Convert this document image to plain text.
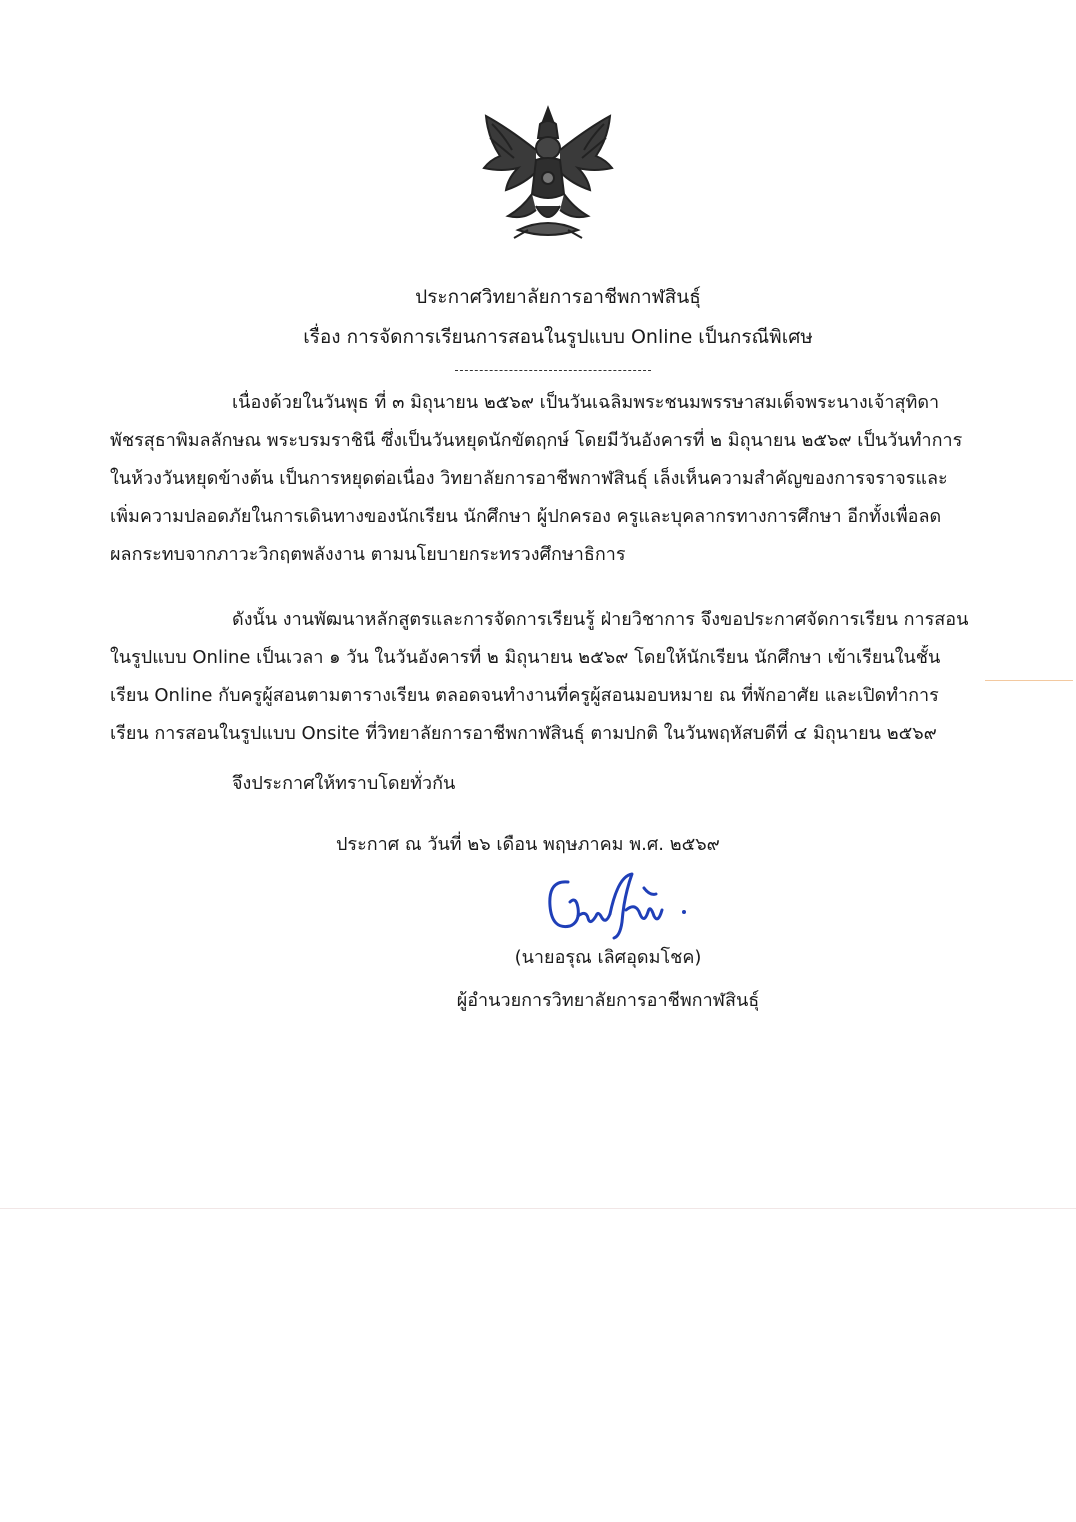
ประกาศวิทยาลัยการอาชีพกาฬสินธุ์
เรื่อง การจัดการเรียนการสอนในรูปแบบ Online เป็นกรณีพิเศษ
เนื่องด้วยในวันพุธ ที่ ๓ มิถุนายน ๒๕๖๙ เป็นวันเฉลิมพระชนมพรรษาสมเด็จพระนางเจ้าสุทิดา
พัชรสุธาพิมลลักษณ พระบรมราชินี ซึ่งเป็นวันหยุดนักขัตฤกษ์ โดยมีวันอังคารที่ ๒ มิถุนายน ๒๕๖๙ เป็นวันทำการ
ในห้วงวันหยุดข้างต้น เป็นการหยุดต่อเนื่อง วิทยาลัยการอาชีพกาฬสินธุ์ เล็งเห็นความสำคัญของการจราจรและ
เพิ่มความปลอดภัยในการเดินทางของนักเรียน นักศึกษา ผู้ปกครอง ครูและบุคลากรทางการศึกษา อีกทั้งเพื่อลด
ผลกระทบจากภาวะวิกฤตพลังงาน ตามนโยบายกระทรวงศึกษาธิการ
ดังนั้น งานพัฒนาหลักสูตรและการจัดการเรียนรู้ ฝ่ายวิชาการ จึงขอประกาศจัดการเรียน การสอน
ในรูปแบบ Online เป็นเวลา ๑ วัน ในวันอังคารที่ ๒ มิถุนายน ๒๕๖๙ โดยให้นักเรียน นักศึกษา เข้าเรียนในชั้น
เรียน Online กับครูผู้สอนตามตารางเรียน ตลอดจนทำงานที่ครูผู้สอนมอบหมาย ณ ที่พักอาศัย และเปิดทำการ
เรียน การสอนในรูปแบบ Onsite ที่วิทยาลัยการอาชีพกาฬสินธุ์ ตามปกติ ในวันพฤหัสบดีที่ ๔ มิถุนายน ๒๕๖๙
จึงประกาศให้ทราบโดยทั่วกัน
ประกาศ ณ วันที่ ๒๖ เดือน พฤษภาคม พ.ศ. ๒๕๖๙
(นายอรุณ เลิศอุดมโชค)
ผู้อำนวยการวิทยาลัยการอาชีพกาฬสินธุ์
